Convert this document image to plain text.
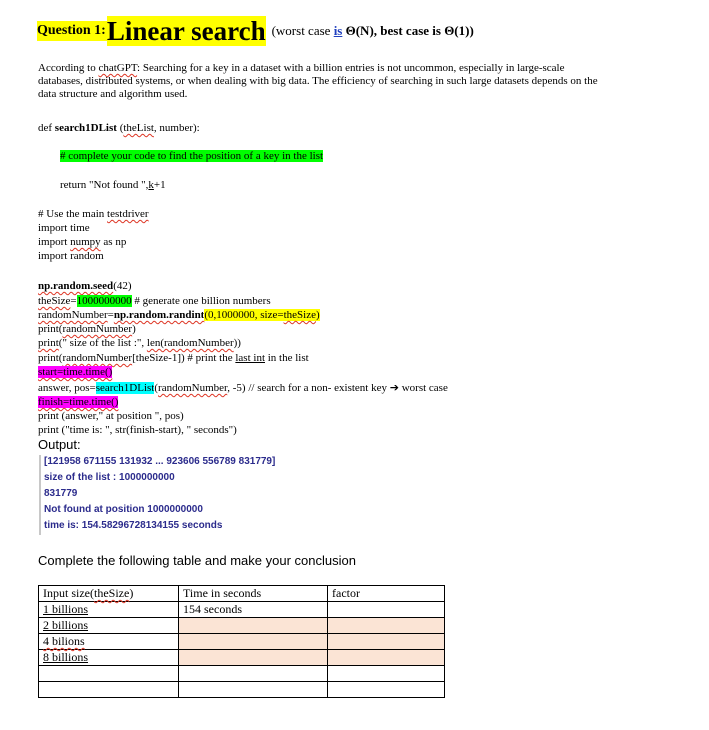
Question 1:Linear search (worst case is Θ(N), best case is Θ(1))
According to chatGPT: Searching for a key in a dataset with a billion entries is not uncommon, especially in large-scale
databases, distributed systems, or when dealing with big data. The efficiency of searching in such large datasets depends on the
data structure and algorithm used.
def search1DList (theList, number):
# complete your code to find the position of a key in the list
return "Not found ",k+1
# Use the main testdriver
import time
import numpy as np
import random
np.random.seed(42)
theSize=1000000000 # generate one billion numbers
randomNumber=np.random.randint(0,1000000, size=theSize)
print(randomNumber)
print(" size of the list :", len(randomNumber))
print(randomNumber[theSize-1]) # print the last int in the list
start=time.time()
answer, pos=search1DList(randomNumber, -5) // search for a non- existent key ➔ worst case
finish=time.time()
print (answer," at position ", pos)
print ("time is: ", str(finish-start), " seconds")
Output:
[121958 671155 131932 ... 923606 556789 831779]
size of the list : 1000000000
831779
Not found at position 1000000000
time is: 154.58296728134155 seconds
Complete the following table and make your conclusion
Input size(theSize)	Time in seconds	factor
1 billions	154 seconds	
2 billions		
4 bilions		
8 billions		
